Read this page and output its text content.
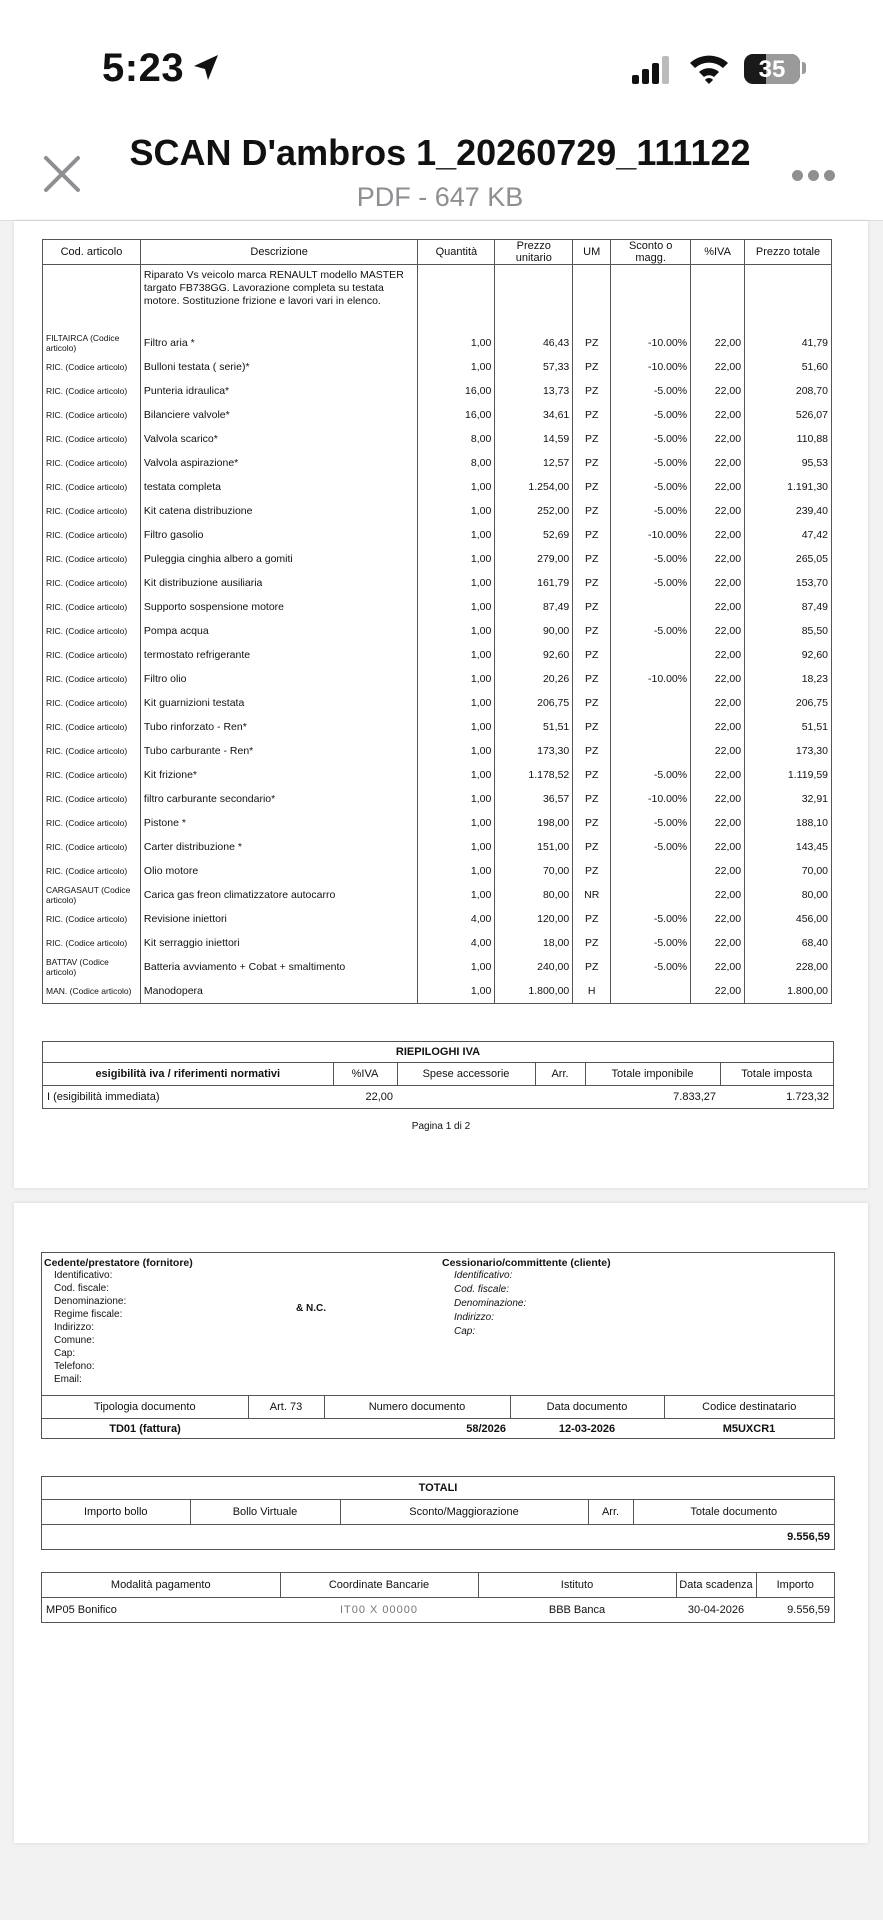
5:23	35
SCAN D'ambros 1_20260729_111122
PDF - 647 KB
Cod. articolo	Descrizione	Quantità	Prezzo unitario	UM	Sconto o magg.	%IVA	Prezzo totale
	Riparato Vs veicolo marca RENAULT modello MASTER targato FB738GG. Lavorazione completa su testata motore. Sostituzione frizione e lavori vari in elenco.						
FILTAIRCA (Codice articolo)	Filtro aria *	1,00	46,43	PZ	-10.00%	22,00	41,79
RIC. (Codice articolo)	Bulloni testata ( serie)*	1,00	57,33	PZ	-10.00%	22,00	51,60
RIC. (Codice articolo)	Punteria idraulica*	16,00	13,73	PZ	-5.00%	22,00	208,70
RIC. (Codice articolo)	Bilanciere valvole*	16,00	34,61	PZ	-5.00%	22,00	526,07
RIC. (Codice articolo)	Valvola scarico*	8,00	14,59	PZ	-5.00%	22,00	110,88
RIC. (Codice articolo)	Valvola aspirazione*	8,00	12,57	PZ	-5.00%	22,00	95,53
RIC. (Codice articolo)	testata completa	1,00	1.254,00	PZ	-5.00%	22,00	1.191,30
RIC. (Codice articolo)	Kit catena distribuzione	1,00	252,00	PZ	-5.00%	22,00	239,40
RIC. (Codice articolo)	Filtro gasolio	1,00	52,69	PZ	-10.00%	22,00	47,42
RIC. (Codice articolo)	Puleggia cinghia albero a gomiti	1,00	279,00	PZ	-5.00%	22,00	265,05
RIC. (Codice articolo)	Kit distribuzione ausiliaria	1,00	161,79	PZ	-5.00%	22,00	153,70
RIC. (Codice articolo)	Supporto sospensione motore	1,00	87,49	PZ		22,00	87,49
RIC. (Codice articolo)	Pompa acqua	1,00	90,00	PZ	-5.00%	22,00	85,50
RIC. (Codice articolo)	termostato refrigerante	1,00	92,60	PZ		22,00	92,60
RIC. (Codice articolo)	Filtro olio	1,00	20,26	PZ	-10.00%	22,00	18,23
RIC. (Codice articolo)	Kit guarnizioni testata	1,00	206,75	PZ		22,00	206,75
RIC. (Codice articolo)	Tubo rinforzato - Ren*	1,00	51,51	PZ		22,00	51,51
RIC. (Codice articolo)	Tubo carburante - Ren*	1,00	173,30	PZ		22,00	173,30
RIC. (Codice articolo)	Kit frizione*	1,00	1.178,52	PZ	-5.00%	22,00	1.119,59
RIC. (Codice articolo)	filtro carburante secondario*	1,00	36,57	PZ	-10.00%	22,00	32,91
RIC. (Codice articolo)	Pistone *	1,00	198,00	PZ	-5.00%	22,00	188,10
RIC. (Codice articolo)	Carter distribuzione *	1,00	151,00	PZ	-5.00%	22,00	143,45
RIC. (Codice articolo)	Olio motore	1,00	70,00	PZ		22,00	70,00
CARGASAUT (Codice articolo)	Carica gas freon climatizzatore autocarro	1,00	80,00	NR		22,00	80,00
RIC. (Codice articolo)	Revisione iniettori	4,00	120,00	PZ	-5.00%	22,00	456,00
RIC. (Codice articolo)	Kit serraggio iniettori	4,00	18,00	PZ	-5.00%	22,00	68,40
BATTAV (Codice articolo)	Batteria avviamento + Cobat + smaltimento	1,00	240,00	PZ	-5.00%	22,00	228,00
MAN. (Codice articolo)	Manodopera	1,00	1.800,00	H		22,00	1.800,00
RIEPILOGHI IVA
esigibilità iva / riferimenti normativi	%IVA	Spese accessorie	Arr.	Totale imponibile	Totale imposta
I (esigibilità immediata)	22,00			7.833,27	1.723,32
Pagina 1 di 2
Cedente/prestatore (fornitore)
Identificativo:
Cod. fiscale:
Denominazione:
Regime fiscale:
Indirizzo:
Comune:
Cap:
Telefono:
Email:
& N.C.
Cessionario/committente (cliente)
Identificativo:
Cod. fiscale:
Denominazione:
Indirizzo:
Cap:
Tipologia documento	Art. 73	Numero documento	Data documento	Codice destinatario
TD01 (fattura)		58/2026	12-03-2026	M5UXCR1
TOTALI
Importo bollo	Bollo Virtuale	Sconto/Maggiorazione	Arr.	Totale documento
				9.556,59
Modalità pagamento	Coordinate Bancarie	Istituto	Data scadenza	Importo
MP05 Bonifico	IT00 X 00000	BBB Banca	30-04-2026	9.556,59
